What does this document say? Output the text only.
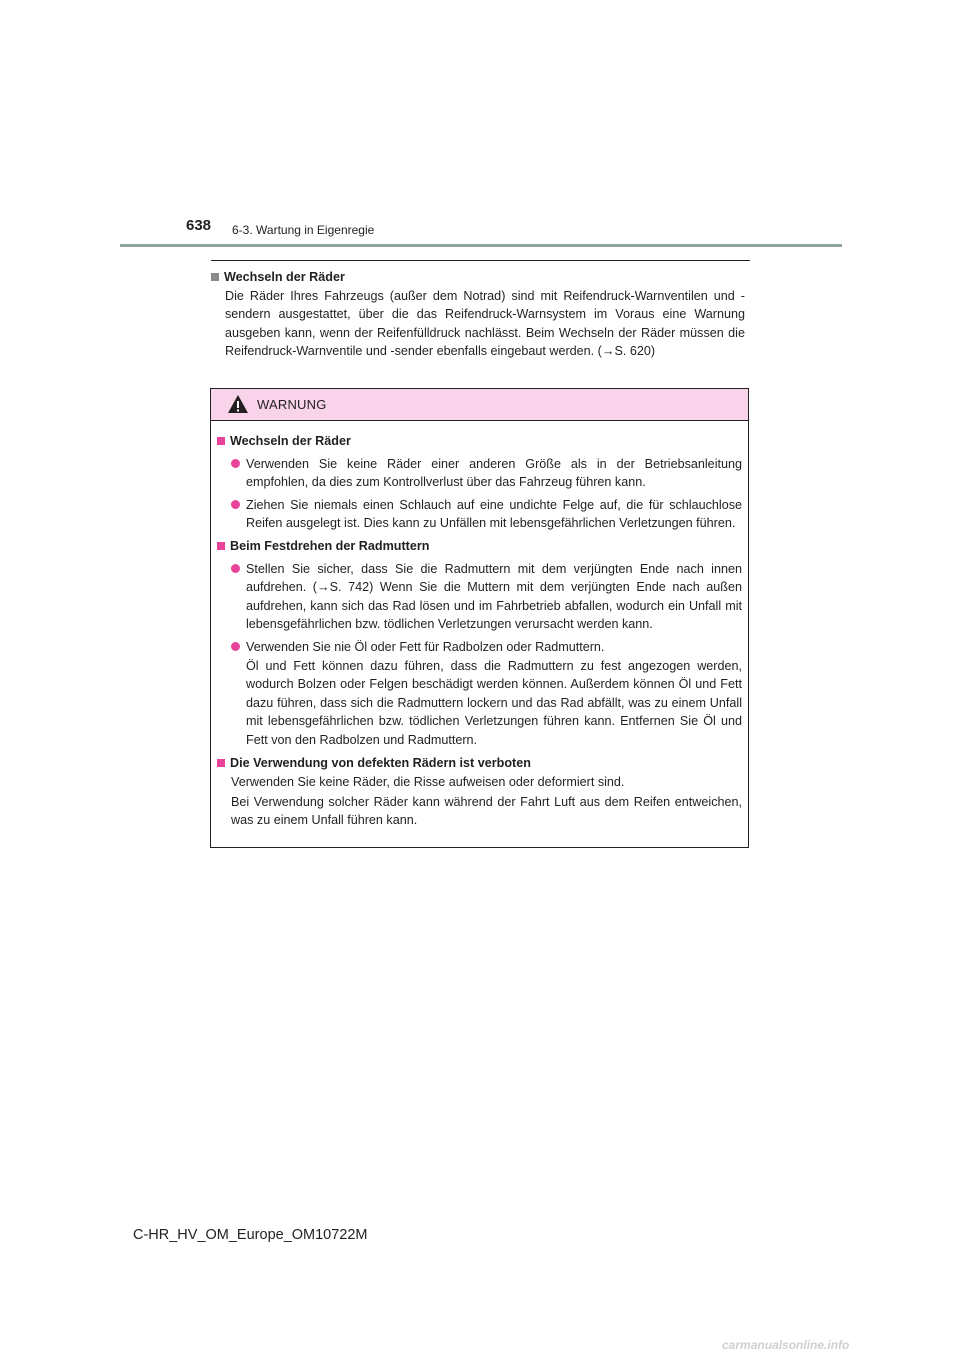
638 6-3. Wartung in Eigenregie
Wechseln der Räder
Die Räder Ihres Fahrzeugs (außer dem Notrad) sind mit Reifendruck-Warnventilen und -sendern ausgestattet, über die das Reifendruck-Warnsystem im Voraus eine Warnung ausgeben kann, wenn der Reifenfülldruck nachlässt. Beim Wechseln der Räder müssen die Reifendruck-Warnventile und -sender ebenfalls eingebaut werden. (→S. 620)
WARNUNG
Wechseln der Räder
Verwenden Sie keine Räder einer anderen Größe als in der Betriebsanleitung empfohlen, da dies zum Kontrollverlust über das Fahrzeug führen kann.
Ziehen Sie niemals einen Schlauch auf eine undichte Felge auf, die für schlauchlose Reifen ausgelegt ist. Dies kann zu Unfällen mit lebensgefährlichen Verletzungen führen.
Beim Festdrehen der Radmuttern
Stellen Sie sicher, dass Sie die Radmuttern mit dem verjüngten Ende nach innen aufdrehen. (→S. 742) Wenn Sie die Muttern mit dem verjüngten Ende nach außen aufdrehen, kann sich das Rad lösen und im Fahrbetrieb abfallen, wodurch ein Unfall mit lebensgefährlichen bzw. tödlichen Verletzungen verursacht werden kann.
Verwenden Sie nie Öl oder Fett für Radbolzen oder Radmuttern.
Öl und Fett können dazu führen, dass die Radmuttern zu fest angezogen werden, wodurch Bolzen oder Felgen beschädigt werden können. Außerdem können Öl und Fett dazu führen, dass sich die Radmuttern lockern und das Rad abfällt, was zu einem Unfall mit lebensgefährlichen bzw. tödlichen Verletzungen führen kann. Entfernen Sie Öl und Fett von den Radbolzen und Radmuttern.
Die Verwendung von defekten Rädern ist verboten
Verwenden Sie keine Räder, die Risse aufweisen oder deformiert sind.
Bei Verwendung solcher Räder kann während der Fahrt Luft aus dem Reifen entweichen, was zu einem Unfall führen kann.
C-HR_HV_OM_Europe_OM10722M
carmanualsonline.info
